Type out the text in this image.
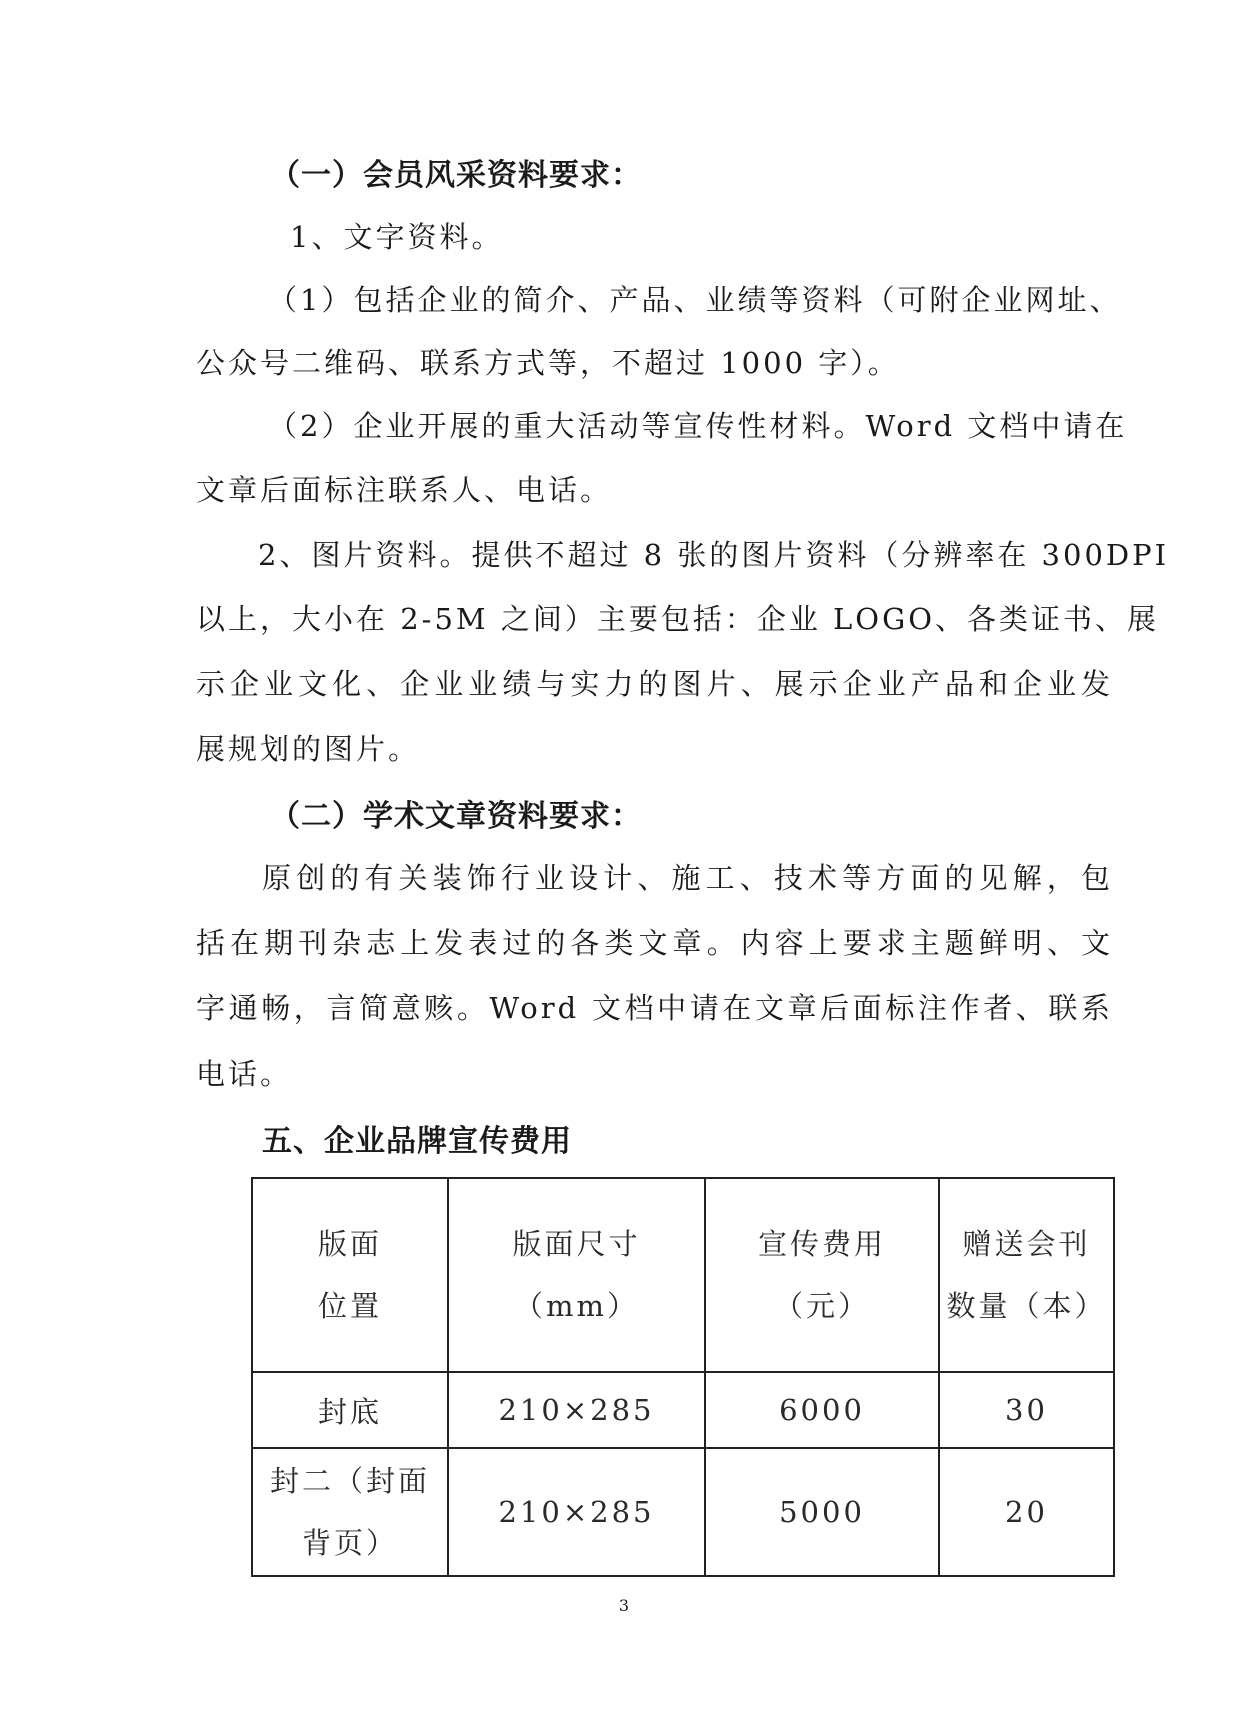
（一）会员风采资料要求：
1、文字资料。
（1）包括企业的简介、产品、业绩等资料（可附企业网址、
公众号二维码、联系方式等，不超过 1000 字）。
（2）企业开展的重大活动等宣传性材料。Word 文档中请在
文章后面标注联系人、电话。
2、图片资料。提供不超过 8 张的图片资料（分辨率在 300DPI
以上，大小在 2-5M 之间）主要包括：企业 LOGO、各类证书、展
示企业文化、企业业绩与实力的图片、展示企业产品和企业发
展规划的图片。
（二）学术文章资料要求：
原创的有关装饰行业设计、施工、技术等方面的见解，包
括在期刊杂志上发表过的各类文章。内容上要求主题鲜明、文
字通畅，言简意赅。Word 文档中请在文章后面标注作者、联系
电话。
五、企业品牌宣传费用
版面
位置	版面尺寸
（mm）	宣传费用
（元）	赠送会刊
数量（本）

封底	210×285	6000	30

封二（封面
背页）	210×285	5000	20
3
